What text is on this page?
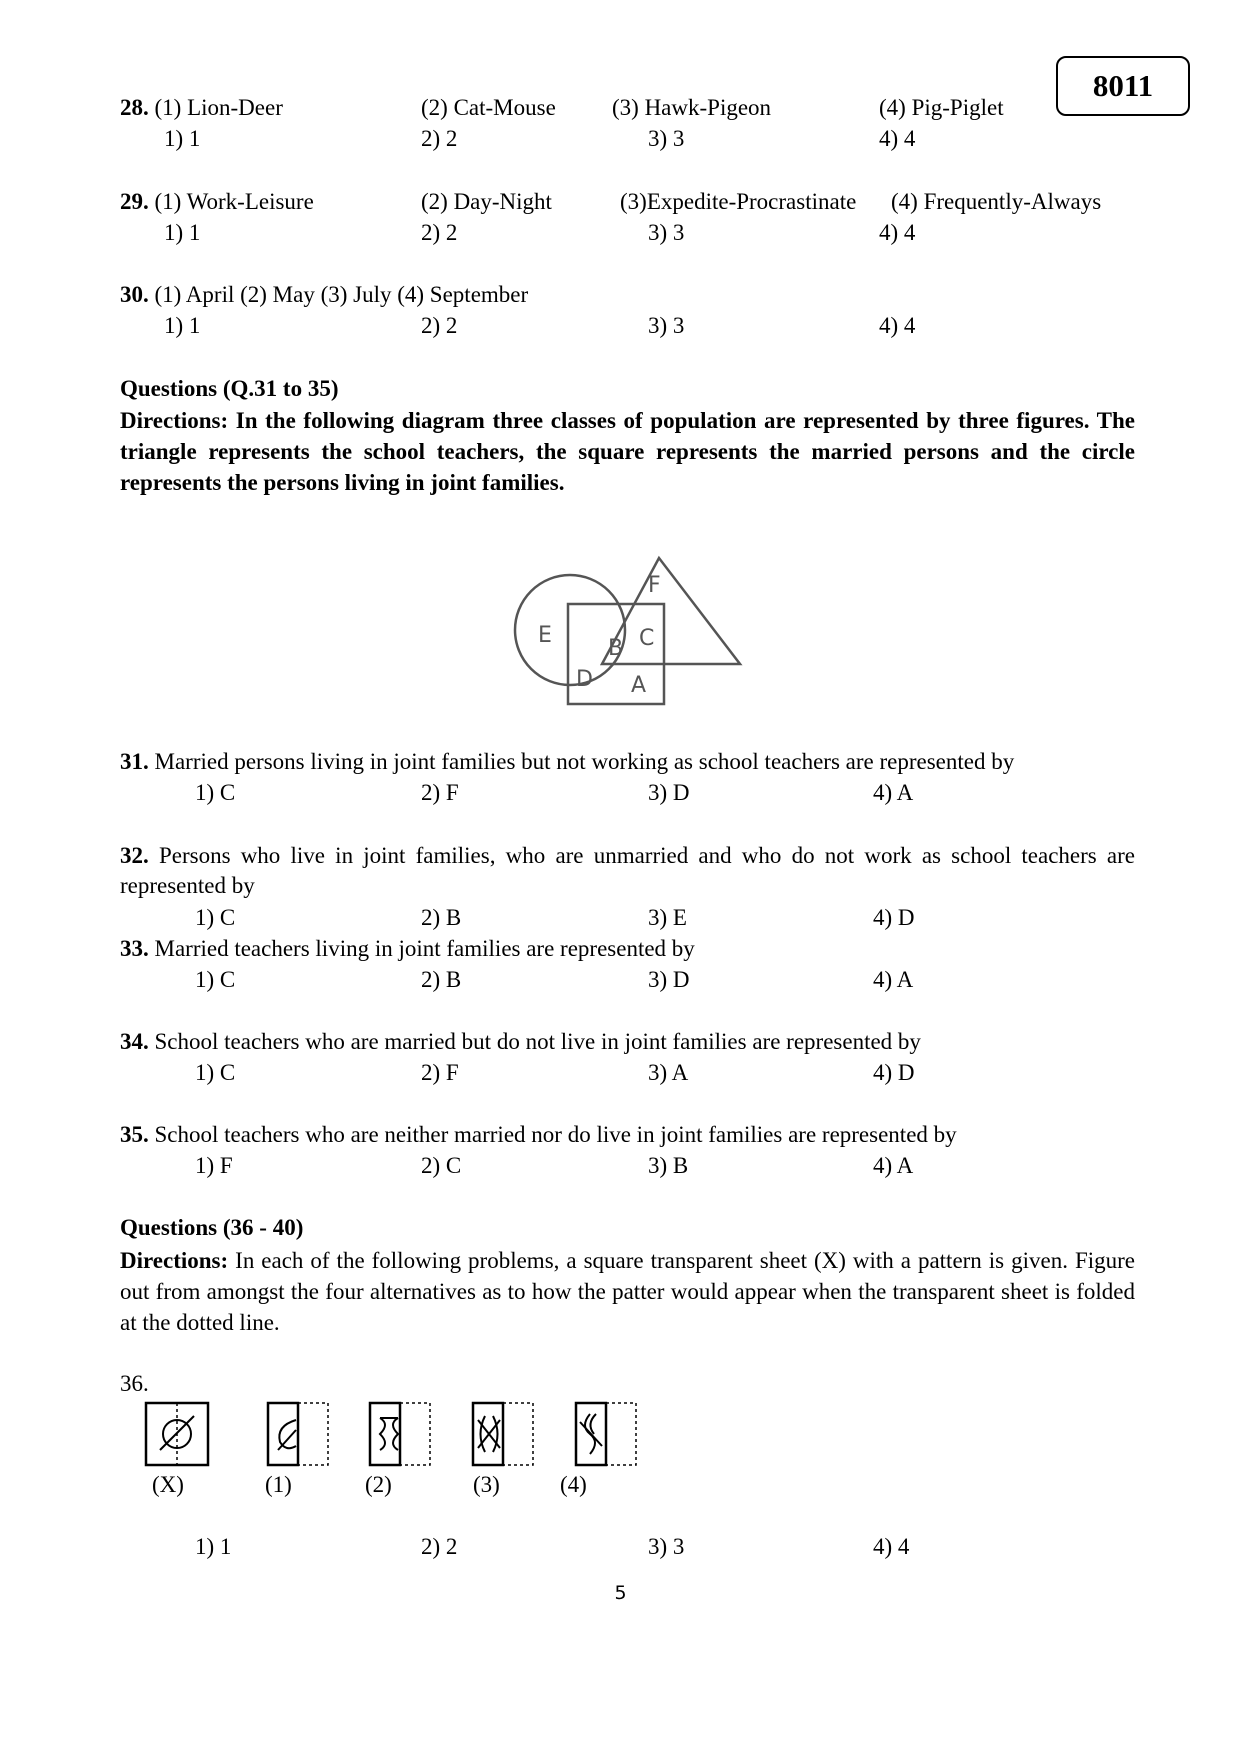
8011
28. (1) Lion-Deer	(2) Cat-Mouse (3) Hawk-Pigeon	(4) Pig-Piglet
1) 1	2) 2	3) 3	4) 4
29. (1) Work-Leisure	(2) Day-Night	(3)Expedite-Procrastinate (4) Frequently-Always
1) 1	2) 2	3) 3	4) 4
30. (1) April (2) May (3) July (4) September
1) 1	2) 2	3) 3	4) 4
Questions (Q.31 to 35)
Directions: In the following diagram three classes of population are represented by three figures. The triangle represents the school teachers, the square represents the married persons and the circle represents the persons living in joint families.
E
B C
D A
F
31. Married persons living in joint families but not working as school teachers are represented by
1) C	2) F	3) D	4) A
32. Persons who live in joint families, who are unmarried and who do not work as school teachers are represented by
1) C	2) B	3) E	4) D
33. Married teachers living in joint families are represented by
1) C	2) B	3) D	4) A
34. School teachers who are married but do not live in joint families are represented by
1) C	2) F	3) A	4) D
35. School teachers who are neither married nor do live in joint families are represented by
1) F	2) C	3) B	4) A
Questions (36 - 40)
Directions: In each of the following problems, a square transparent sheet (X) with a pattern is given. Figure out from amongst the four alternatives as to how the patter would appear when the transparent sheet is folded at the dotted line.
36.
(X)	(1)	(2)	(3)	(4)
1) 1	2) 2	3) 3	4) 4
5
